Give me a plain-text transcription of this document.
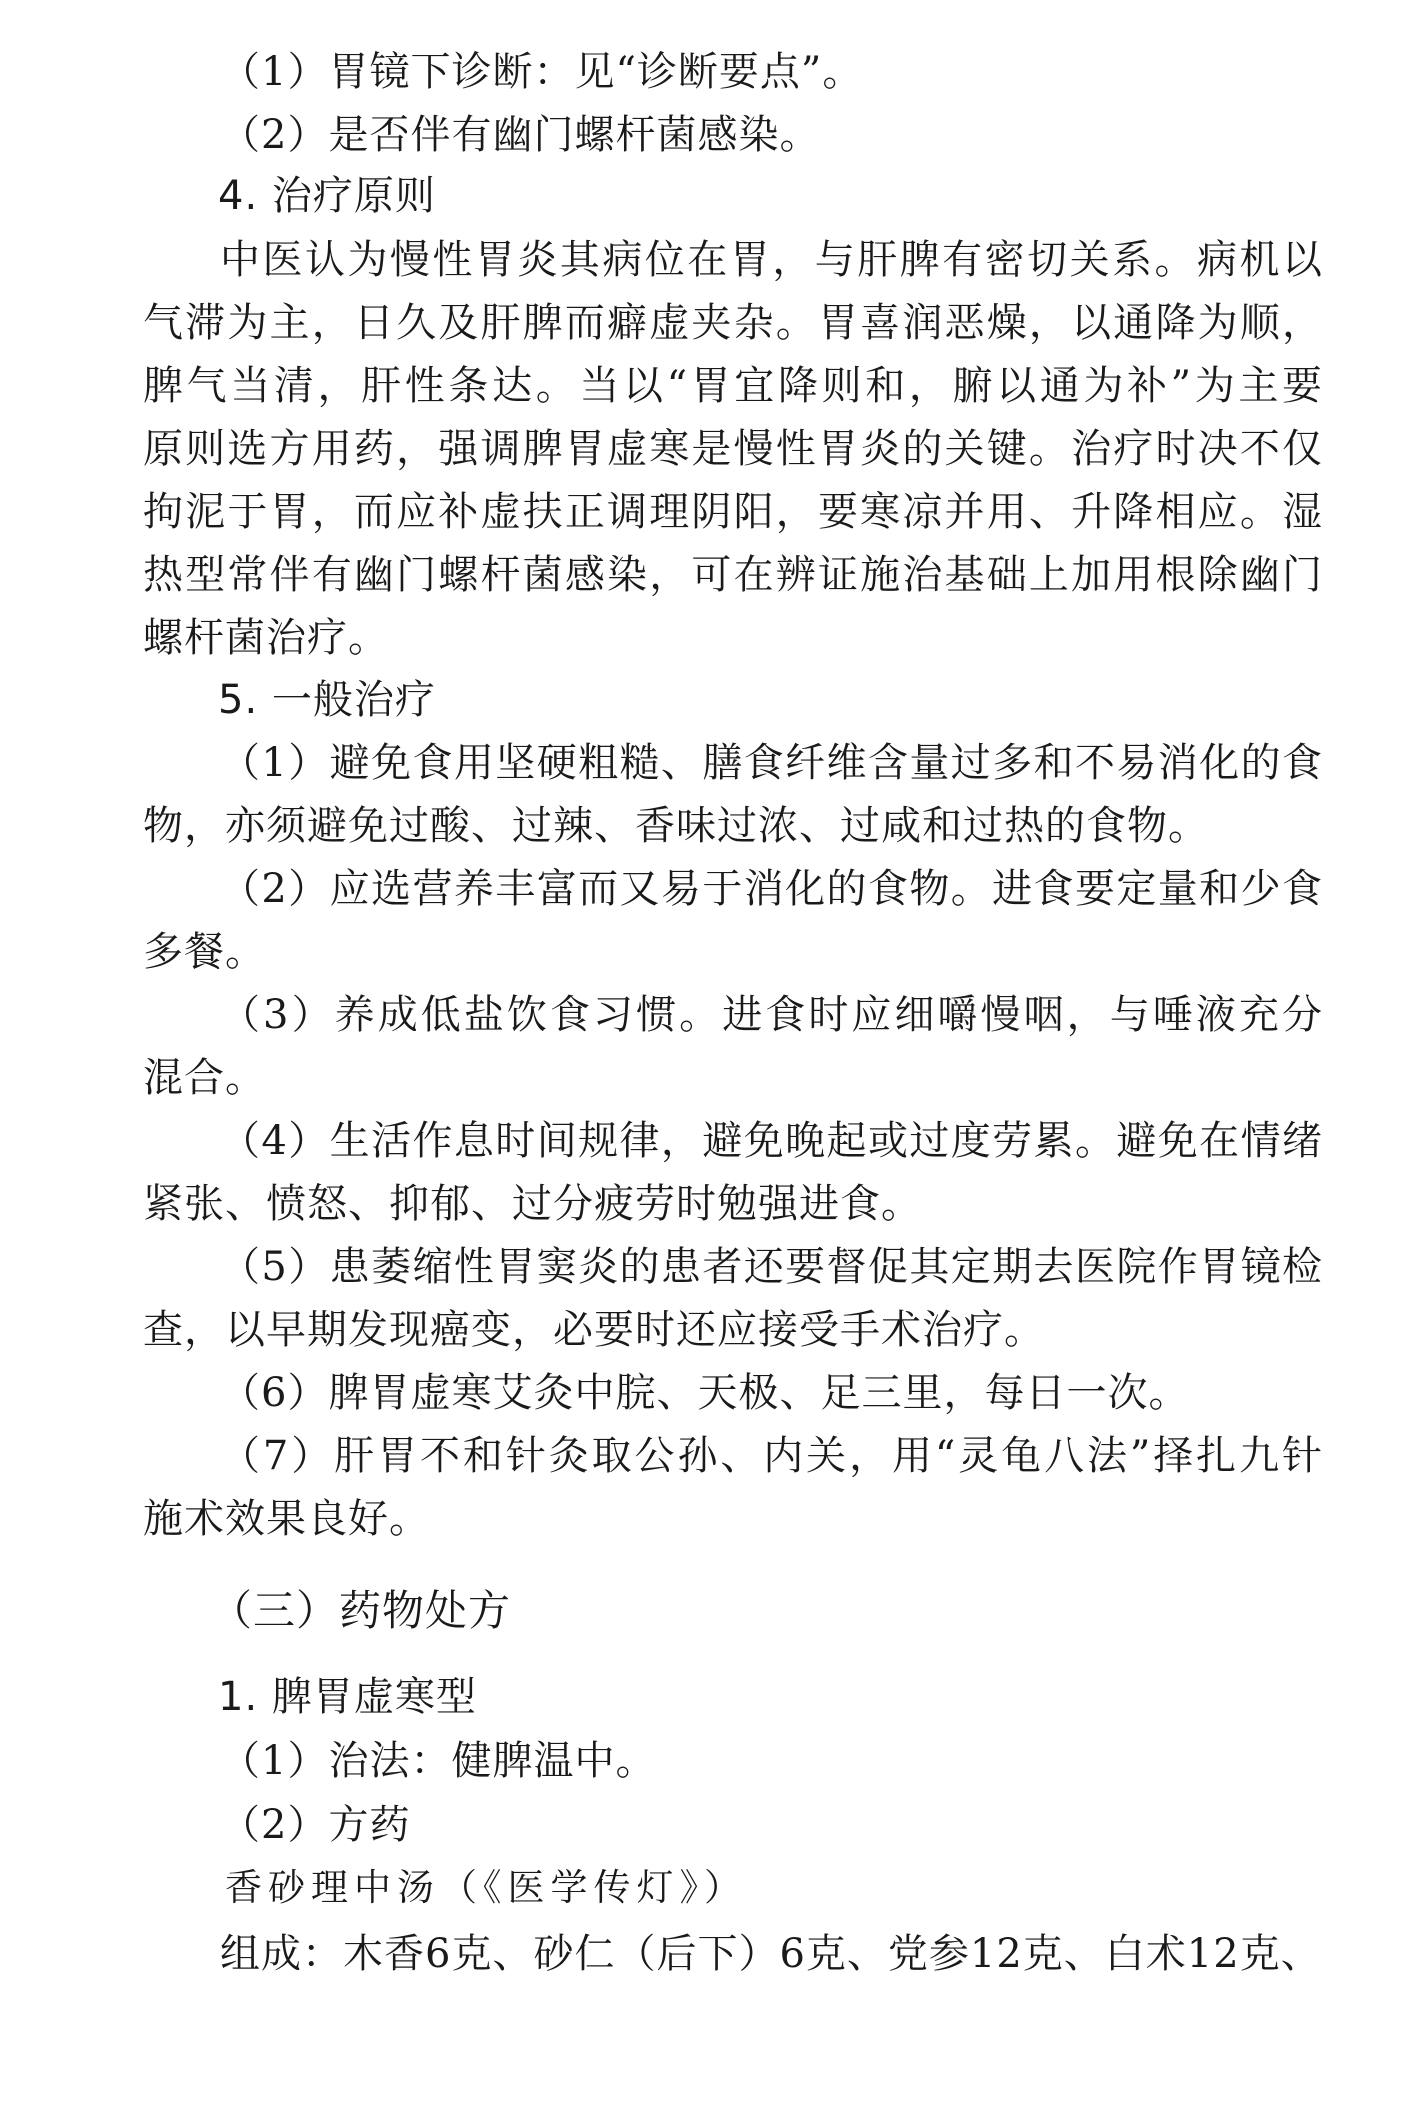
（1）胃镜下诊断：见“诊断要点”。
（2）是否伴有幽门螺杆菌感染。
4. 治疗原则
中医认为慢性胃炎其病位在胃，与肝脾有密切关系。病机以
气滞为主，日久及肝脾而癖虚夹杂。胃喜润恶燥，以通降为顺，
脾气当清，肝性条达。当以“胃宜降则和，腑以通为补”为主要
原则选方用药，强调脾胃虚寒是慢性胃炎的关键。治疗时决不仅
拘泥于胃，而应补虚扶正调理阴阳，要寒凉并用、升降相应。湿
热型常伴有幽门螺杆菌感染，可在辨证施治基础上加用根除幽门
螺杆菌治疗。
5. 一般治疗
（1）避免食用坚硬粗糙、膳食纤维含量过多和不易消化的食
物，亦须避免过酸、过辣、香味过浓、过咸和过热的食物。
（2）应选营养丰富而又易于消化的食物。进食要定量和少食
多餐。
（3）养成低盐饮食习惯。进食时应细嚼慢咽，与唾液充分
混合。
（4）生活作息时间规律，避免晚起或过度劳累。避免在情绪
紧张、愤怒、抑郁、过分疲劳时勉强进食。
（5）患萎缩性胃窦炎的患者还要督促其定期去医院作胃镜检
查，以早期发现癌变，必要时还应接受手术治疗。
（6）脾胃虚寒艾灸中脘、天极、足三里，每日一次。
（7）肝胃不和针灸取公孙、内关，用“灵龟八法”择扎九针
施术效果良好。
（三）药物处方
1. 脾胃虚寒型
（1）治法：健脾温中。
（2）方药
香砂理中汤（《医学传灯》）
组成：木香6克、砂仁（后下）6克、党参12克、白术12克、
